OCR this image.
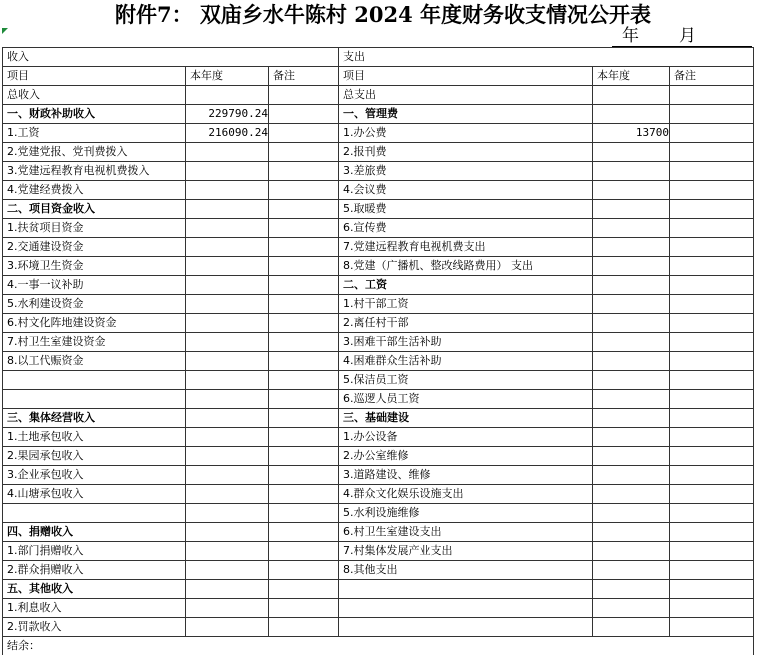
附件7： 双庙乡水牛陈村 2024 年度财务收支情况公开表
年 月
收入			支出		
项目	本年度	备注	项目	本年度	备注
总收入			总支出		
一、财政补助收入	229790.24		一、管理费		
1.工资	216090.24		1.办公费	13700	
2.党建党报、党刊费拨入			2.报刊费		
3.党建远程教育电视机费拨入			3.差旅费		
4.党建经费拨入			4.会议费		
二、项目资金收入			5.取暖费		
1.扶贫项目资金			6.宣传费		
2.交通建设资金			7.党建远程教育电视机费支出		
3.环境卫生资金			8.党建（广播机、整改线路费用） 支出		
4.一事一议补助			二、工资		
5.水利建设资金			1.村干部工资		
6.村文化阵地建设资金			2.离任村干部		
7.村卫生室建设资金			3.困难干部生活补助		
8.以工代赈资金			4.困难群众生活补助		
			5.保洁员工资		
			6.巡逻人员工资		
三、集体经营收入			三、基础建设		
1.土地承包收入			1.办公设备		
2.果园承包收入			2.办公室维修		
3.企业承包收入			3.道路建设、维修		
4.山塘承包收入			4.群众文化娱乐设施支出		
			5.水利设施维修		
四、捐赠收入			6.村卫生室建设支出		
1.部门捐赠收入			7.村集体发展产业支出		
2.群众捐赠收入			8.其他支出		
五、其他收入					
1.利息收入					
2.罚款收入					
结余：					
